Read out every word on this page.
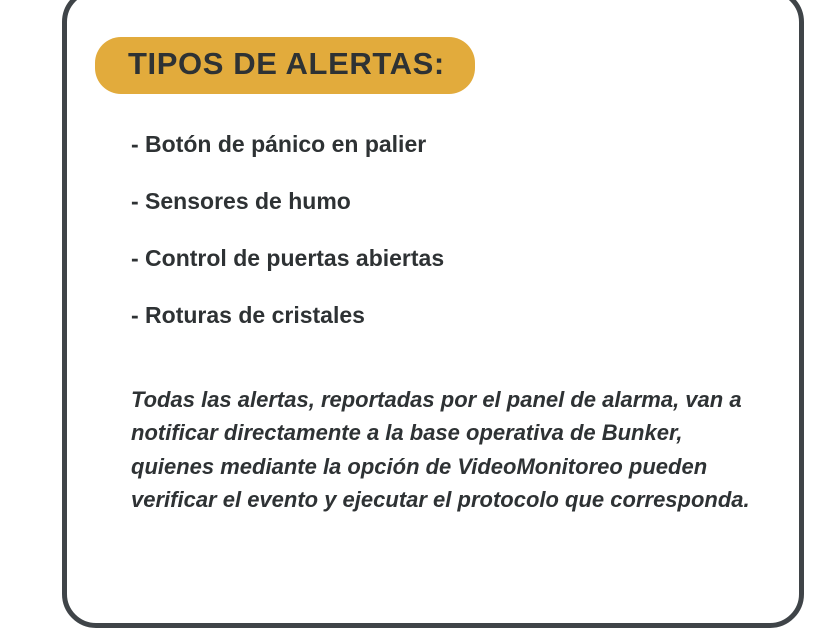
TIPOS DE ALERTAS:
- Botón de pánico en palier
- Sensores de humo
- Control de puertas abiertas
- Roturas de cristales
Todas las alertas, reportadas por el panel de alarma, van a notificar directamente a la base operativa de Bunker, quienes mediante la opción de VideoMonitoreo pueden verificar el evento y ejecutar el protocolo que corresponda.
